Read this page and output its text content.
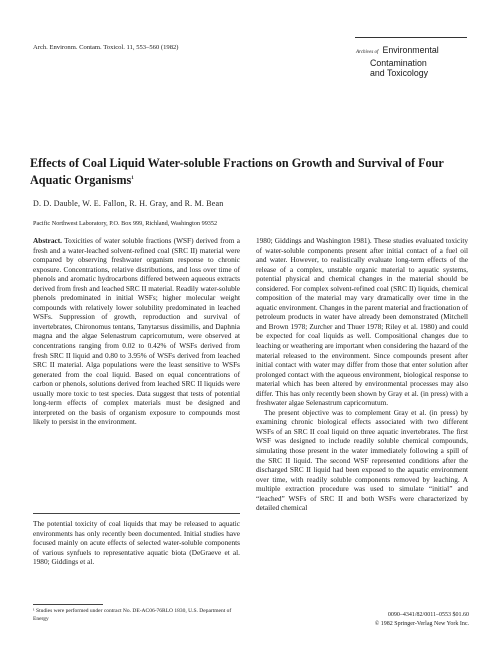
Arch. Environm. Contam. Toxicol. 11, 553–560 (1982)
Archives of Environmental
Contamination
and Toxicology
Effects of Coal Liquid Water-soluble Fractions on Growth and Survival of Four Aquatic Organisms$^1$
D. D. Dauble, W. E. Fallon, R. H. Gray, and R. M. Bean
Pacific Northwest Laboratory, P.O. Box 999, Richland, Washington 99352
Abstract. Toxicities of water soluble fractions (WSF) derived from a fresh and a water-leached solvent-refined coal (SRC II) material were compared by observing freshwater organism response to chronic exposure. Concentrations, relative distributions, and loss over time of phenols and aromatic hydrocarbons differed between aqueous extracts derived from fresh and leached SRC II material. Readily water-soluble phenols predominated in initial WSFs; higher molecular weight compounds with relatively lower solubility predominated in leached WSFs. Suppression of growth, reproduction and survival of invertebrates, Chironomus tentans, Tanytarsus dissimilis, and Daphnia magna and the algae Selenastrum capricornutum, were observed at concentrations ranging from 0.02 to 0.42% of WSFs derived from fresh SRC II liquid and 0.80 to 3.95% of WSFs derived from leached SRC II material. Alga populations were the least sensitive to WSFs generated from the coal liquid. Based on equal concentrations of carbon or phenols, solutions derived from leached SRC II liquids were usually more toxic to test species. Data suggest that tests of potential long-term effects of complex materials must be designed and interpreted on the basis of organism exposure to compounds most likely to persist in the environment.
The potential toxicity of coal liquids that may be released to aquatic environments has only recently been documented. Initial studies have focused mainly on acute effects of selected water-soluble components of various synfuels to representative aquatic biota (DeGraeve et al. 1980; Giddings et al.
¹ Studies were performed under contract No. DE-AC06-76RLO 1830, U.S. Department of Energy

1980; Giddings and Washington 1981). These studies evaluated toxicity of water-soluble components present after initial contact of a fuel oil and water. However, to realistically evaluate long-term effects of the release of a complex, unstable organic material to aquatic systems, potential physical and chemical changes in the material should be considered. For complex solvent-refined coal (SRC II) liquids, chemical composition of the material may vary dramatically over time in the aquatic environment. Changes in the parent material and fractionation of petroleum products in water have already been demonstrated (Mitchell and Brown 1978; Zurcher and Thuer 1978; Riley et al. 1980) and could be expected for coal liquids as well. Compositional changes due to leaching or weathering are important when considering the hazard of the material released to the environment. Since compounds present after initial contact with water may differ from those that enter solution after prolonged contact with the aqueous environment, biological response to material which has been altered by environmental processes may also differ. This has only recently been shown by Gray et al. (in press) with a freshwater algae Selenastrum capricornutum.

The present objective was to complement Gray et al. (in press) by examining chronic biological effects associated with two different WSFs of an SRC II coal liquid on three aquatic invertebrates. The first WSF was designed to include readily soluble chemical compounds, simulating those present in the water immediately following a spill of the SRC II liquid. The second WSF represented conditions after the discharged SRC II liquid had been exposed to the aquatic environment over time, with readily soluble components removed by leaching. A multiple extraction procedure was used to simulate “initial” and “leached” WSFs of SRC II and both WSFs were characterized by detailed chemical

0090–4341/82/0011–0553 $01.60
© 1982 Springer-Verlag New York Inc.
